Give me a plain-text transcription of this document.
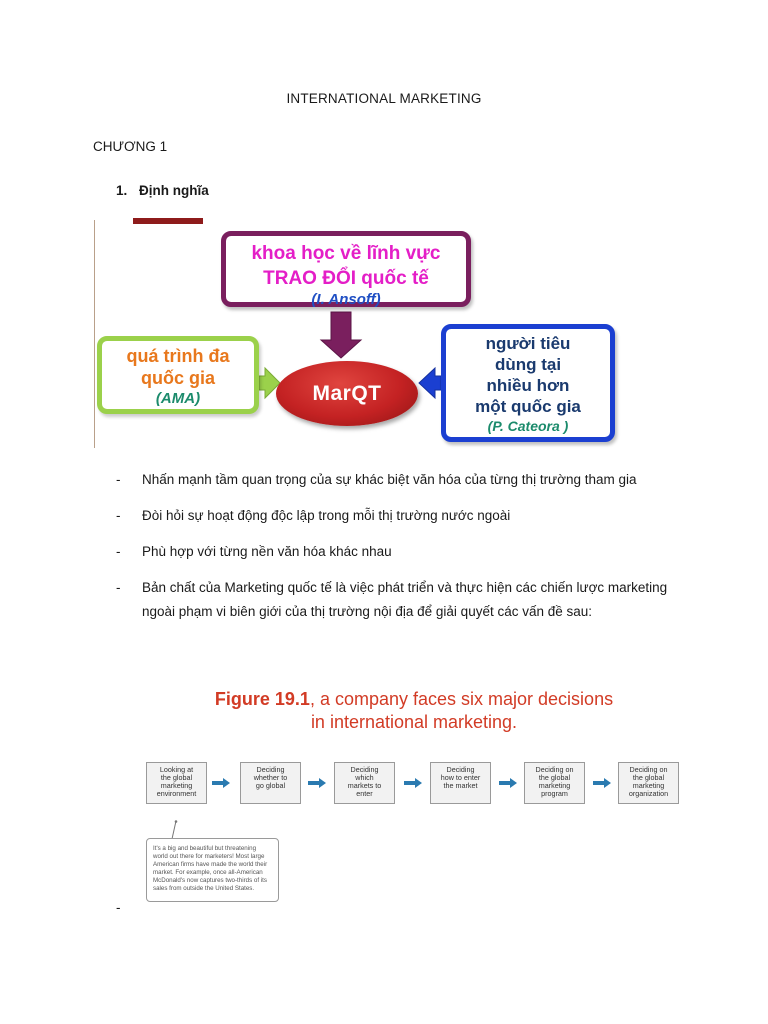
INTERNATIONAL MARKETING
CHƯƠNG 1
1. Định nghĩa
khoa học về lĩnh vực
TRAO ĐỔI quốc tế
(I. Ansoff)
quá trình đa
quốc gia
(AMA)
người tiêu
dùng tại
nhiều hơn
một quốc gia
(P. Cateora )
MarQT
- Nhấn mạnh tầm quan trọng của sự khác biệt văn hóa của từng thị trường tham gia
- Đòi hỏi sự hoạt động độc lập trong mỗi thị trường nước ngoài
- Phù hợp với từng nền văn hóa khác nhau
- Bản chất của Marketing quốc tế là việc phát triển và thực hiện các chiến lược marketing ngoài phạm vi biên giới của thị trường nội địa để giải quyết các vấn đề sau:
Figure 19.1, a company faces six major decisions
in international marketing.
Looking at
the global
marketing
environment
Deciding
whether to
go global
Deciding
which
markets to
enter
Deciding
how to enter
the market
Deciding on
the global
marketing
program
Deciding on
the global
marketing
organization
It's a big and beautiful but threatening world out there for marketers! Most large American firms have made the world their market. For example, once all-American McDonald's now captures two-thirds of its sales from outside the United States.
-
